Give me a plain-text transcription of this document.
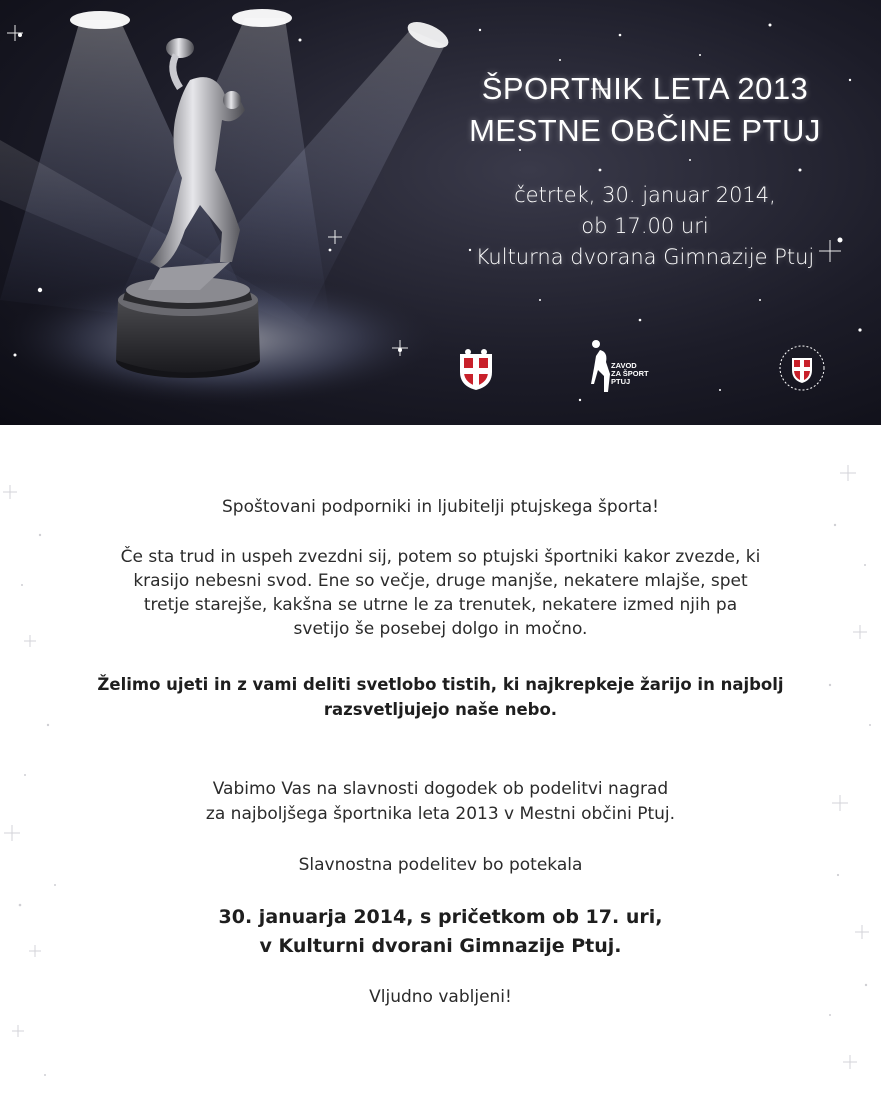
ŠPORTNIK LETA 2013
MESTNE OBČINE PTUJ
četrtek, 30. januar 2014,
ob 17.00 uri
Kulturna dvorana Gimnazije Ptuj
ZAVOD
ZA ŠPORT
PTUJ

Spoštovani podporniki in ljubitelji ptujskega športa!

Če sta trud in uspeh zvezdni sij, potem so ptujski športniki kakor zvezde, ki

krasijo nebesni svod. Ene so večje, druge manjše, nekatere mlajše, spet

tretje starejše, kakšna se utrne le za trenutek, nekatere izmed njih pa

svetijo še posebej dolgo in močno.

Želimo ujeti in z vami deliti svetlobo tistih, ki najkrepkeje žarijo in najbolj

razsvetljujejo naše nebo.

Vabimo Vas na slavnosti dogodek ob podelitvi nagrad

za najboljšega športnika leta 2013 v Mestni občini Ptuj.

Slavnostna podelitev bo potekala

30. januarja 2014, s pričetkom ob 17. uri,

v Kulturni dvorani Gimnazije Ptuj.

Vljudno vabljeni!
